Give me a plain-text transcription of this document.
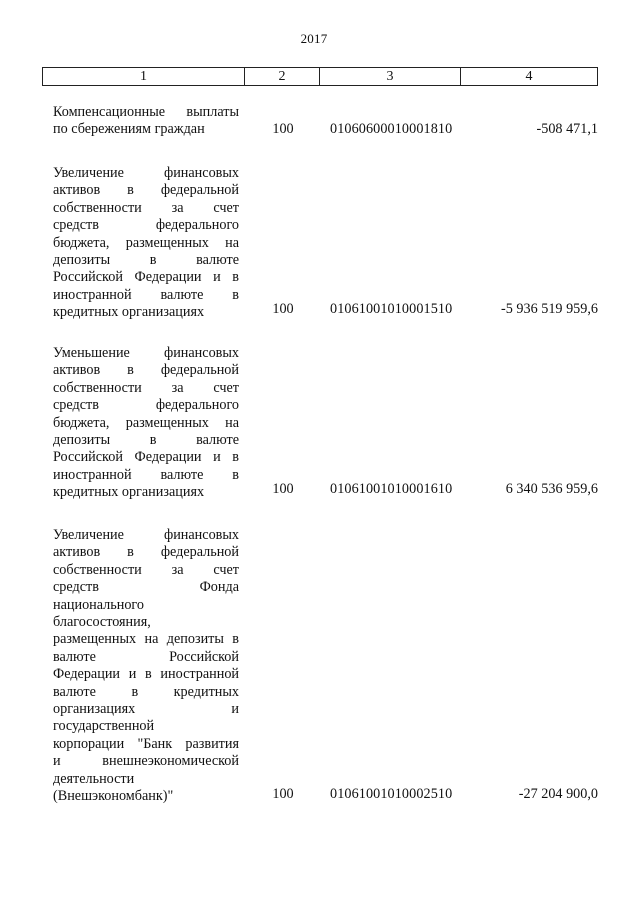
2017
1	2	3	4
Компенсационные выплаты
по сбережениям граждан	100	01060600010001810	-508 471,1
Увеличение финансовых
активов в федеральной
собственности за счет
средств федерального
бюджета, размещенных на
депозиты в валюте
Российской Федерации и в
иностранной валюте в
кредитных организациях	100	01061001010001510	-5 936 519 959,6
Уменьшение финансовых
активов в федеральной
собственности за счет
средств федерального
бюджета, размещенных на
депозиты в валюте
Российской Федерации и в
иностранной валюте в
кредитных организациях	100	01061001010001610	6 340 536 959,6
Увеличение финансовых
активов в федеральной
собственности за счет
средств Фонда
национального
благосостояния,
размещенных на депозиты в
валюте Российской
Федерации и в иностранной
валюте в кредитных
организациях и
государственной
корпорации "Банк развития
и внешнеэкономической
деятельности
(Внешэкономбанк)"	100	01061001010002510	-27 204 900,0
